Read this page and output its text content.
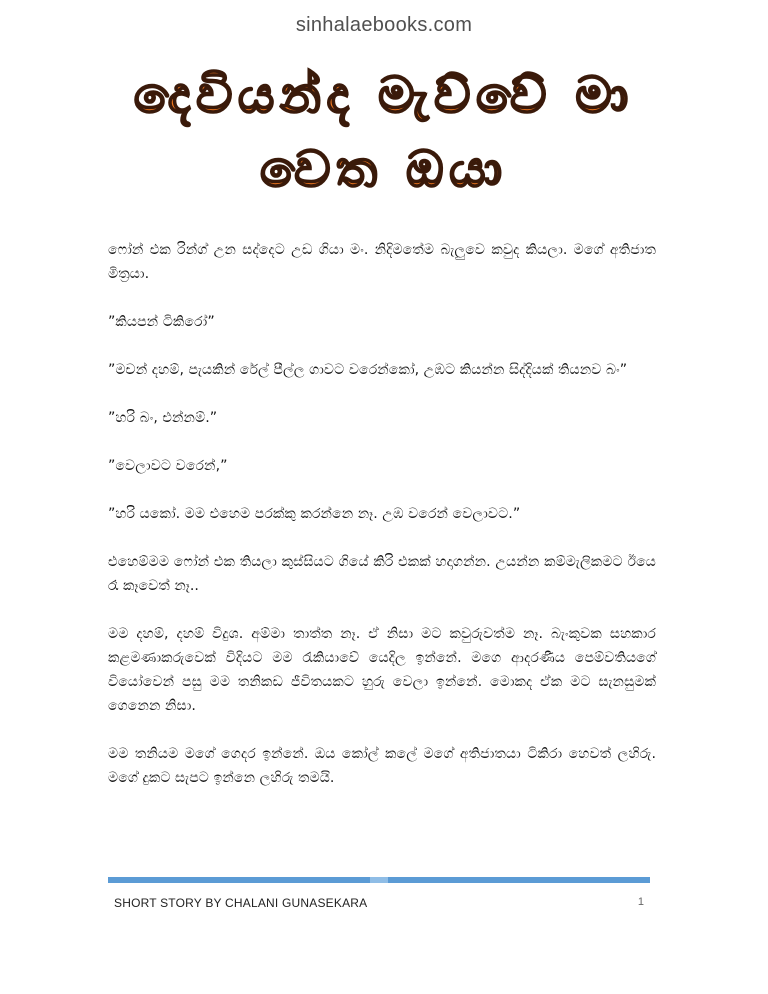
sinhalaebooks.com
දෙවියන්ද මැව්වේ මා
වෙත ඔයා

ෆෝන් එක රින්ග් උන සද්දෙට උඩ ගියා මං. නිදිමතේම බැලුවෙ කවුද කියලා. මගේ අතිජාත මිත්‍රයා.

”කියපන් ටිකිරෝ”

”මචන් දහම්, පැයකින් රේල් පීල්ල ගාවට වරෙන්කෝ, උඹට කියන්න සිද්දියක් තියනව බං”

”හරි බං, එන්නම්.”

”වෙලාවට වරෙන්,”

”හරි යකෝ. මම එහෙම පරක්කු කරන්නෙ නෑ. උඹ වරෙන් වෙලාවට.”

එහෙම්මම ෆෝන් එක තියලා කුස්සියට ගියේ කිරි එකක් හදාගන්න. උයන්න කම්මැලිකමට ඊයෙ රෑ කෑවෙත් නෑ..

මම දහම්, දහම් විදුශ. අම්මා තාත්ත නෑ. ඒ නිසා මට කවුරුවත්ම නෑ. බැංකුවක සහකාර කළමණාකරුවෙක් විදියට මම රැකියාවේ යෙදිල ඉන්නේ. මගෙ ආදරණීය පෙම්වතියගේ වියෝවෙන් පසු මම තනිකඩ ජීවිතයකට හුරු වෙලා ඉන්නේ. මොකද ඒක මට සැනසුමක් ගෙනෙන නිසා.

මම තනියම මගේ ගෙදර ඉන්නේ. ඔය කෝල් කලේ මගේ අතිජාතයා ටිකිරා හෙවත් ලහිරු. මගේ දුකට සැපට ඉන්නෙ ලහිරු තමයි.

SHORT STORY BY CHALANI GUNASEKARA	1
